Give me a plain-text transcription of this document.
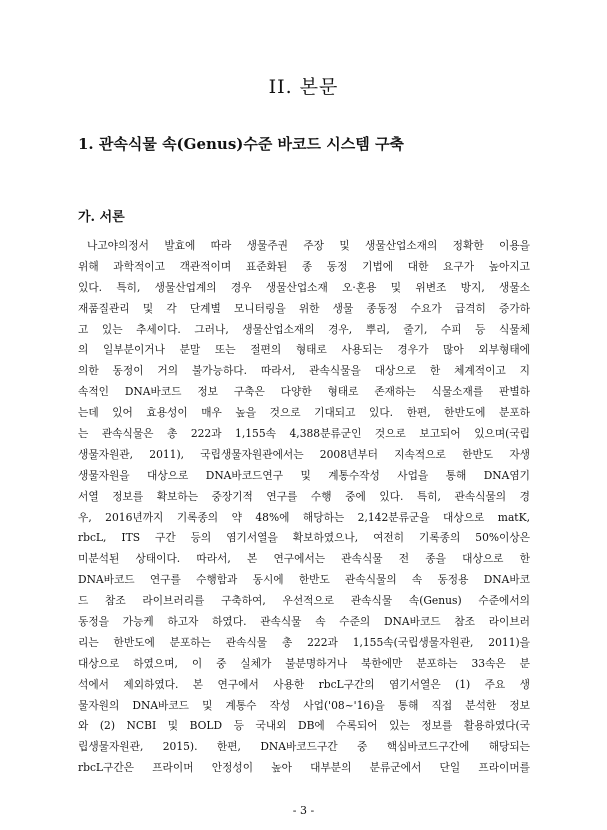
II. 본문
1. 관속식물 속(Genus)수준 바코드 시스템 구축
가. 서론
나고야의정서 발효에 따라 생물주권 주장 및 생물산업소재의 정확한 이용을
위해 과학적이고 객관적이며 표준화된 종 동정 기법에 대한 요구가 높아지고
있다. 특히, 생물산업계의 경우 생물산업소재 오·혼용 및 위변조 방지, 생물소
재품질관리 및 각 단계별 모니터링을 위한 생물 종동정 수요가 급격히 증가하
고 있는 추세이다. 그러나, 생물산업소재의 경우, 뿌리, 줄기, 수피 등 식물체
의 일부분이거나 분말 또는 절편의 형태로 사용되는 경우가 많아 외부형태에
의한 동정이 거의 불가능하다. 따라서, 관속식물을 대상으로 한 체계적이고 지
속적인 DNA바코드 정보 구축은 다양한 형태로 존재하는 식물소재를 판별하
는데 있어 효용성이 매우 높을 것으로 기대되고 있다. 한편, 한반도에 분포하
는 관속식물은 총 222과 1,155속 4,388분류군인 것으로 보고되어 있으며(국립
생물자원관, 2011), 국립생물자원관에서는 2008년부터 지속적으로 한반도 자생
생물자원을 대상으로 DNA바코드연구 및 계통수작성 사업을 통해 DNA염기
서열 정보를 확보하는 중장기적 연구를 수행 중에 있다. 특히, 관속식물의 경
우, 2016년까지 기록종의 약 48%에 해당하는 2,142분류군을 대상으로 matK,
rbcL, ITS 구간 등의 염기서열을 확보하였으나, 여전히 기록종의 50%이상은
미분석된 상태이다. 따라서, 본 연구에서는 관속식물 전 종을 대상으로 한
DNA바코드 연구를 수행함과 동시에 한반도 관속식물의 속 동정용 DNA바코
드 참조 라이브러리를 구축하여, 우선적으로 관속식물 속(Genus) 수준에서의
동정을 가능케 하고자 하였다. 관속식물 속 수준의 DNA바코드 참조 라이브러
리는 한반도에 분포하는 관속식물 총 222과 1,155속(국립생물자원관, 2011)을
대상으로 하였으며, 이 중 실체가 불분명하거나 북한에만 분포하는 33속은 분
석에서 제외하였다. 본 연구에서 사용한 rbcL구간의 염기서열은 (1) 주요 생
물자원의 DNA바코드 및 계통수 작성 사업('08~'16)을 통해 직접 분석한 정보
와 (2) NCBI 및 BOLD 등 국내외 DB에 수록되어 있는 정보를 활용하였다(국
립생물자원관, 2015). 한편, DNA바코드구간 중 핵심바코드구간에 해당되는
rbcL구간은 프라이머 안정성이 높아 대부분의 분류군에서 단일 프라이머를
- 3 -
